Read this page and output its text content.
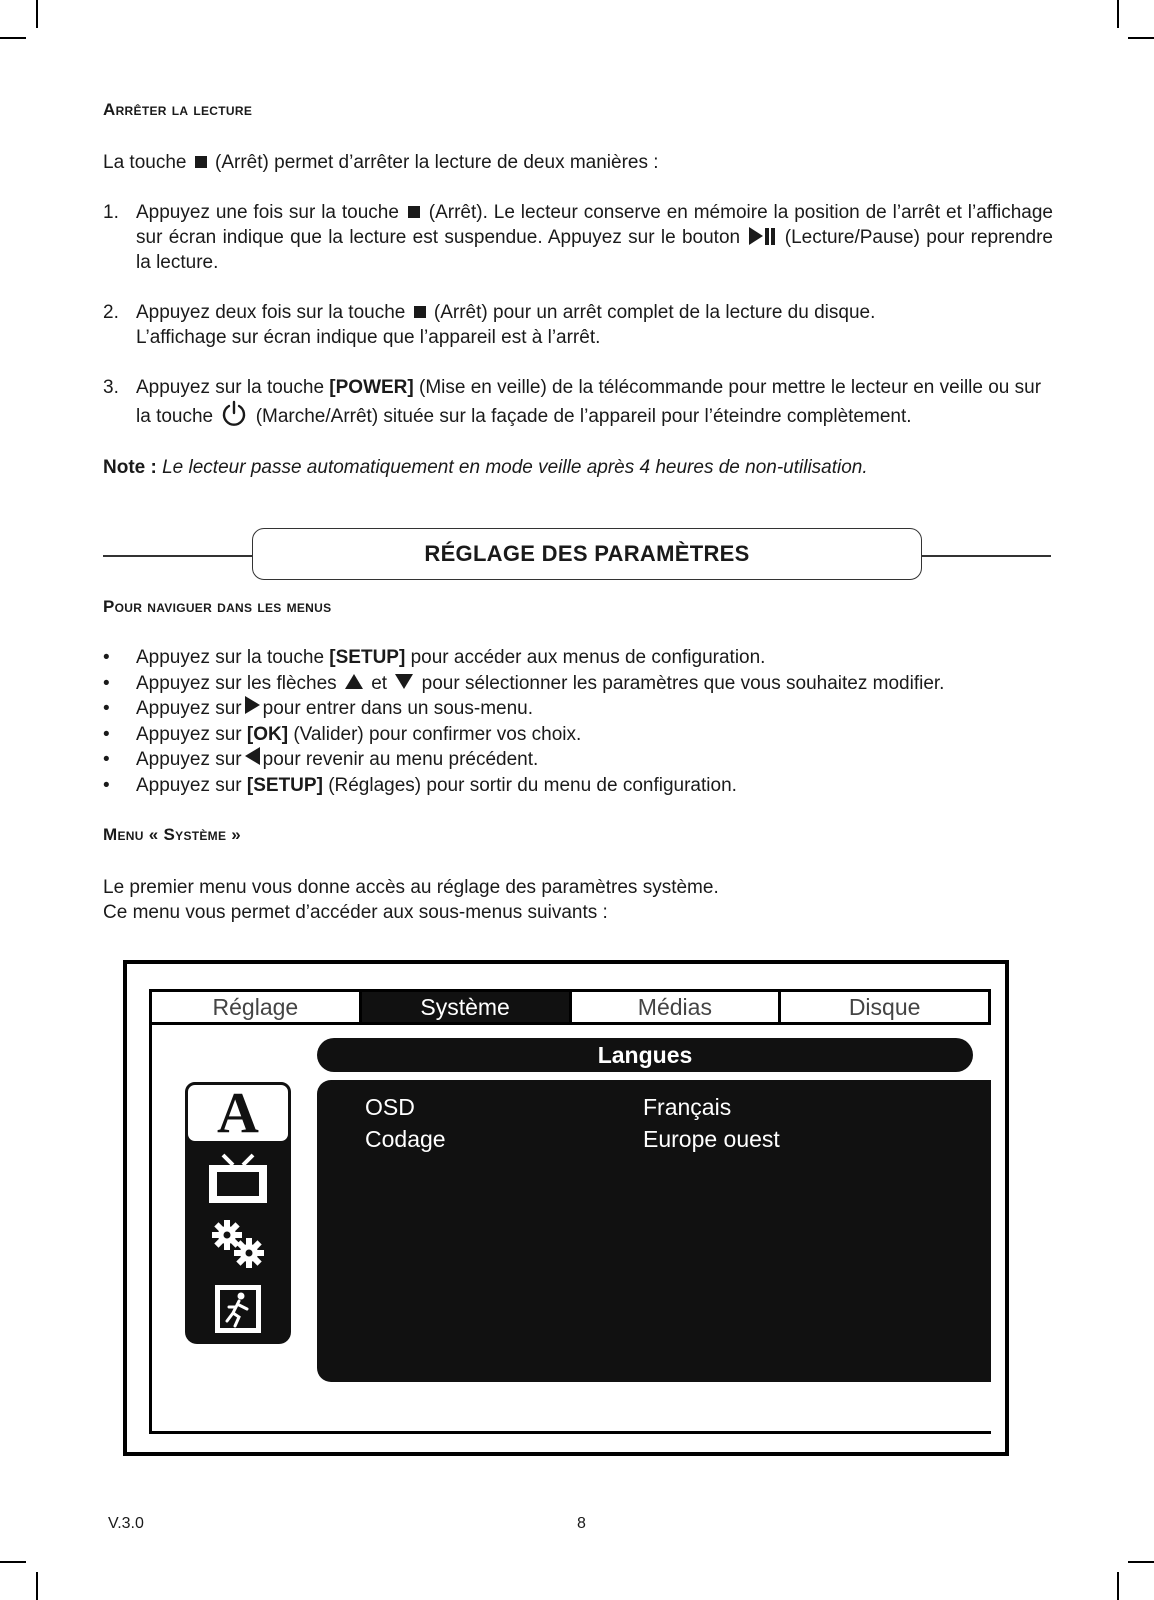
Arrêter la lecture

La touche (Arrêt) permet d’arrêter la lecture de deux manières :

1. Appuyez une fois sur la touche (Arrêt). Le lecteur conserve en mémoire la position de l’arrêt et l’affichage sur écran indique que la lecture est suspendue. Appuyez sur le bouton (Lecture/Pause) pour reprendre la lecture.
2. Appuyez deux fois sur la touche (Arrêt) pour un arrêt complet de la lecture du disque.
L’affichage sur écran indique que l’appareil est à l’arrêt.
3. Appuyez sur la touche [POWER] (Mise en veille) de la télécommande pour mettre le lecteur en veille ou sur la touche (Marche/Arrêt) située sur la façade de l’appareil pour l’éteindre complètement.
Note : Le lecteur passe automatiquement en mode veille après 4 heures de non-utilisation.
RÉGLAGE DES PARAMÈTRES
Pour naviguer dans les menus
• Appuyez sur la touche [SETUP] pour accéder aux menus de configuration.
• Appuyez sur les flèches et pour sélectionner les paramètres que vous souhaitez modifier.
• Appuyez sur pour entrer dans un sous-menu.
• Appuyez sur [OK] (Valider) pour confirmer vos choix.
• Appuyez sur pour revenir au menu précédent.
• Appuyez sur [SETUP] (Réglages) pour sortir du menu de configuration.
Menu « Système »
Le premier menu vous donne accès au réglage des paramètres système.
Ce menu vous permet d’accéder aux sous-menus suivants :
Réglage	Système	Médias	Disque
A
Langues
OSD	Français
Codage	Europe ouest
V.3.0	8
